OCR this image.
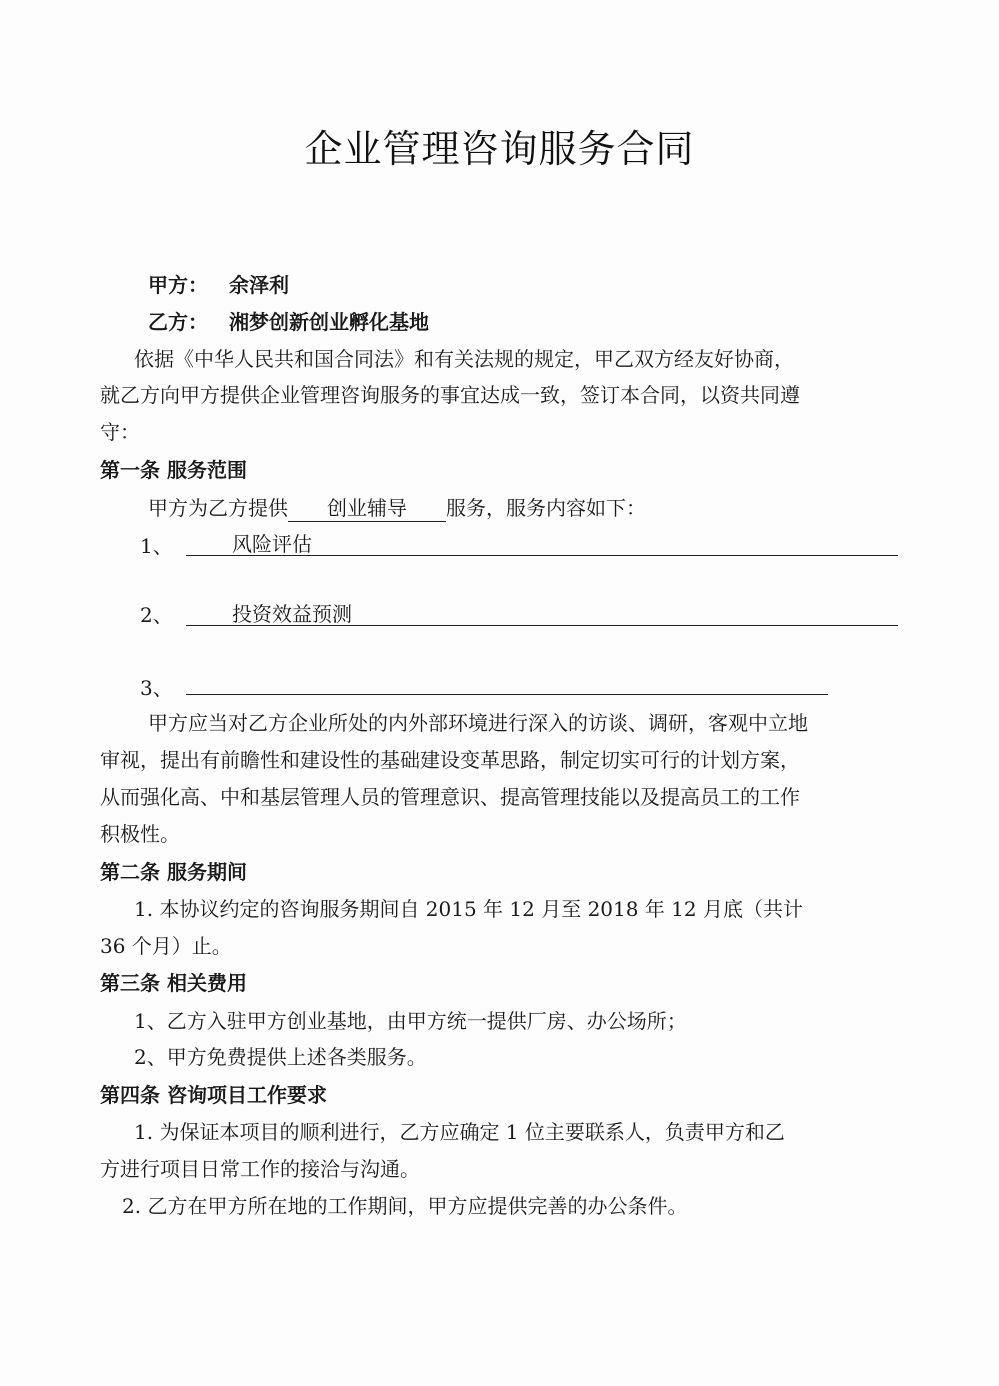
企业管理咨询服务合同
甲方： 余泽利
乙方： 湘梦创新创业孵化基地
依据《中华人民共和国合同法》和有关法规的规定，甲乙双方经友好协商，
就乙方向甲方提供企业管理咨询服务的事宜达成一致，签订本合同，以资共同遵
守：
第一条 服务范围
甲方为乙方提供 创业辅导 服务，服务内容如下：
1、	风险评估
2、	投资效益预测
3、
甲方应当对乙方企业所处的内外部环境进行深入的访谈、调研，客观中立地
审视，提出有前瞻性和建设性的基础建设变革思路，制定切实可行的计划方案，
从而强化高、中和基层管理人员的管理意识、提高管理技能以及提高员工的工作
积极性。
第二条 服务期间
1. 本协议约定的咨询服务期间自 2015 年 12 月至 2018 年 12 月底（共计
36 个月）止。
第三条 相关费用
1、乙方入驻甲方创业基地，由甲方统一提供厂房、办公场所；
2、甲方免费提供上述各类服务。
第四条 咨询项目工作要求
1. 为保证本项目的顺利进行，乙方应确定 1 位主要联系人，负责甲方和乙
方进行项目日常工作的接洽与沟通。
2. 乙方在甲方所在地的工作期间，甲方应提供完善的办公条件。
